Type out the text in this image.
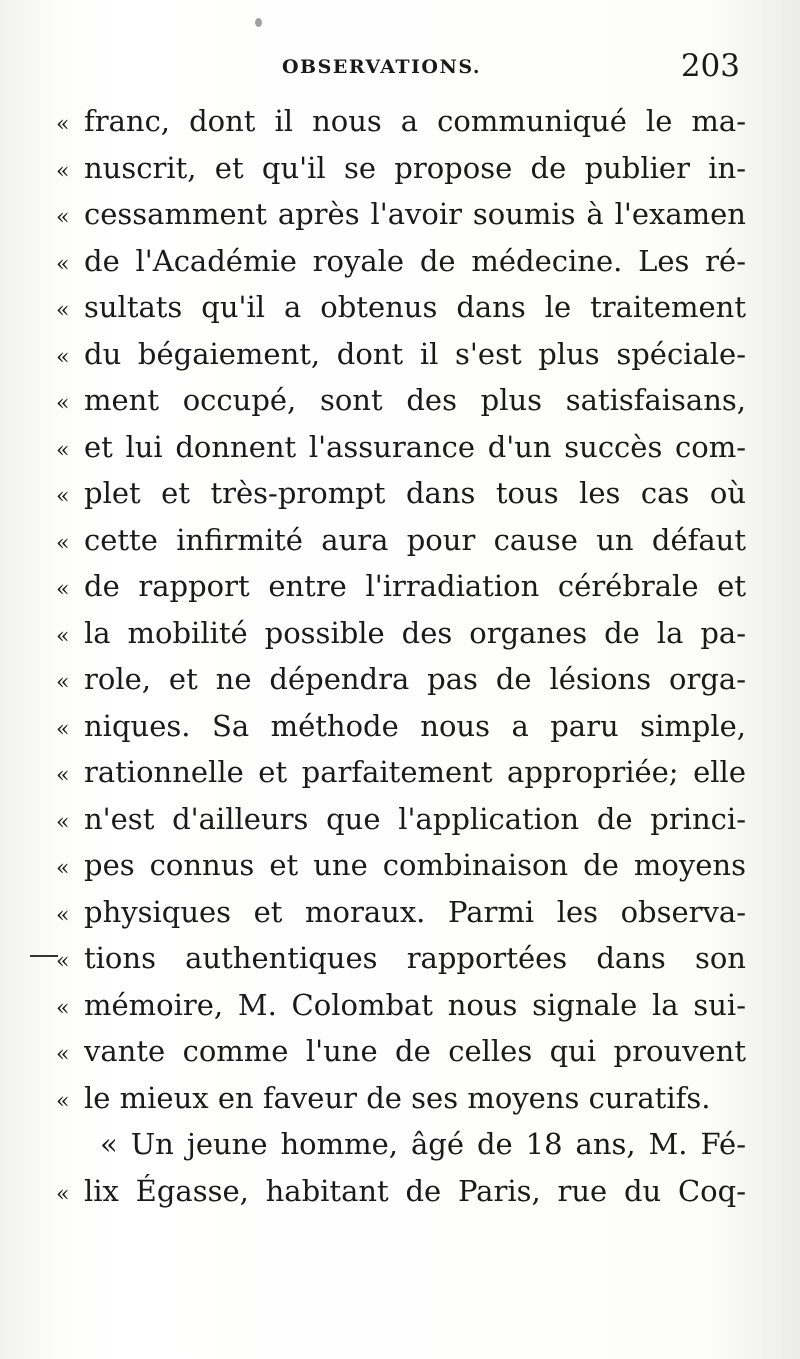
OBSERVATIONS.	203
« franc, dont il nous a communiqué le ma-
« nuscrit, et qu'il se propose de publier in-
« cessamment après l'avoir soumis à l'examen
« de l'Académie royale de médecine. Les ré-
« sultats qu'il a obtenus dans le traitement
« du bégaiement, dont il s'est plus spéciale-
« ment occupé, sont des plus satisfaisans,
« et lui donnent l'assurance d'un succès com-
« plet et très-prompt dans tous les cas où
« cette infirmité aura pour cause un défaut
« de rapport entre l'irradiation cérébrale et
« la mobilité possible des organes de la pa-
« role, et ne dépendra pas de lésions orga-
« niques. Sa méthode nous a paru simple,
« rationnelle et parfaitement appropriée; elle
« n'est d'ailleurs que l'application de princi-
« pes connus et une combinaison de moyens
« physiques et moraux. Parmi les observa-
« tions authentiques rapportées dans son
« mémoire, M. Colombat nous signale la sui-
« vante comme l'une de celles qui prouvent
« le mieux en faveur de ses moyens curatifs.
« Un jeune homme, âgé de 18 ans, M. Fé-
« lix Égasse, habitant de Paris, rue du Coq-
